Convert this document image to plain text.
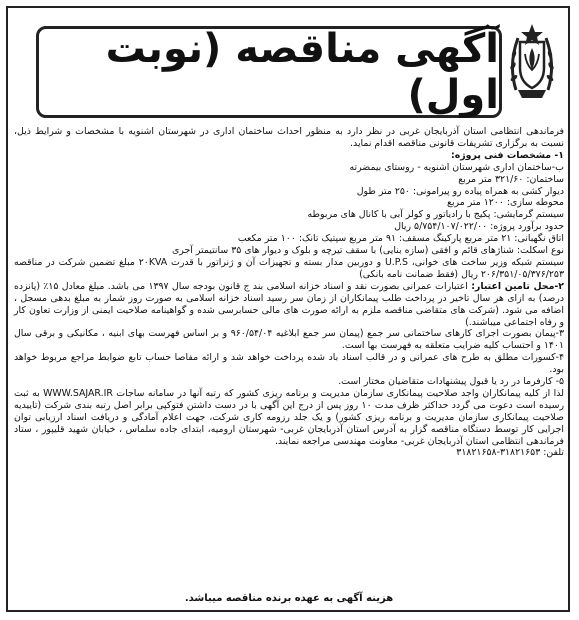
آگهی مناقصه (نوبت اول)

فرماندهی انتظامی استان آذربایجان غربی در نظر دارد به منظور احداث ساختمان اداری در شهرستان اشنویه با مشخصات و شرایط ذیل، نسبت به برگزاری تشریفات قانونی مناقصه اقدام نماید.

۱- مشخصات فنی پروژه:

ب-ساختمان اداری شهرستان اشنویه - روستای بیمضرته

ساختمان: ۳۲۱/۶۰ متر مربع

دیوار کشی به همراه پیاده رو پیرامونی: ۲۵۰ متر طول

محوطه سازی: ۱۲۰۰ متر مربع

سیستم گرمایشی: پکیج با رادیاتور و کولر آبی با کانال های مربوطه

حدود برآورد پروژه: ۵/۷۵۴/۱۰۷/۰۲۲/۰۰ ریال

اتاق نگهبانی: ۲۱ متر مربع پارکینگ مسقف: ۹۱ متر مربع سپتیک تانک: ۱۰۰ متر مکعب

نوع اسکلت: شناژهای قائم و افقی (سازه بنایی) با سقف تیرچه و بلوک و دیوار های ۳۵ سانتیمتر آجری

سیستم شبکه وزیر ساخت های خوانی، U.P.S و دوربین مدار بسته و تجهیزات آن و ژنراتور با قدرت ۲۰KVA مبلغ تضمین شرکت در مناقصه ۲۰۶/۳۵۱/۰۵/۳۷۶/۲۵۳ ریال (فقط ضمانت نامه بانکی)

۲-محل تامین اعتبار: اعتبارات عمرانی بصورت نقد و اسناد خزانه اسلامی بند ج قانون بودجه سال ۱۳۹۷ می باشد. مبلغ معادل ۱۵٪ (پانزده درصد) به ازای هر سال تاخیر در پرداخت طلب پیمانکاران از زمان سر رسید اسناد خزانه اسلامی به صورت روز شمار به مبلغ بدهی مسجل ، اضافه می شود. (شرکت های متقاضی مناقصه ملزم به ارائه صورت های مالی حسابرسی شده و گواهینامه صلاحیت ایمنی از وزارت تعاون کار و رفاه اجتماعی میباشند.)

۳-پیمان بصورت اجرای کارهای ساختمانی سر جمع (پیمان سر جمع ابلاغیه ۹۶۰/۵۴/۰۴ و بر اساس فهرست بهای ابنیه ، مکانیکی و برقی سال ۱۴۰۱ و احتساب کلیه ضرایب متعلقه به فهرست بها است.

۴-کسورات مطلق به طرح های عمرانی و در قالب اسناد باد شده پرداخت خواهد شد و ارائه مفاصا حساب تابع ضوابط مراجع مربوط خواهد بود.

۵- کارفرما در رد یا قبول پیشنهادات متقاضیان مختار است.

لذا از کلیه پیمانکاران واجد صلاحیت پیمانکاری سازمان مدیریت و برنامه ریزی کشور که رتبه آنها در سامانه ساجات WWW.SAJAR.IR به ثبت رسیده است دعوت می گردد حداکثر ظرف مدت ۱۰ روز پس از درج این آگهی با در دست داشتن فتوکپی برابر اصل رتبه بندی شرکت (تاییدیه صلاحیت پیمانکاری سازمان مدیریت و برنامه ریزی کشور) و یک جلد رزومه کاری شرکت، جهت اعلام آمادگی و دریافت اسناد ارزیابی توان اجرایی کار توسط دستگاه مناقصه گزار به آدرس استان آذربایجان غربی- شهرستان ارومیه، ابتدای جاده سلماس ، خیابان شهید قلیپور ، ستاد فرماندهی انتظامی استان آذربایجان غربی- معاونت مهندسی مراجعه نمایند.

تلفن: ۳۱۸۲۱۶۵۳-۳۱۸۲۱۶۵۸

هزینه آگهی به عهده برنده مناقصه میباشد.
